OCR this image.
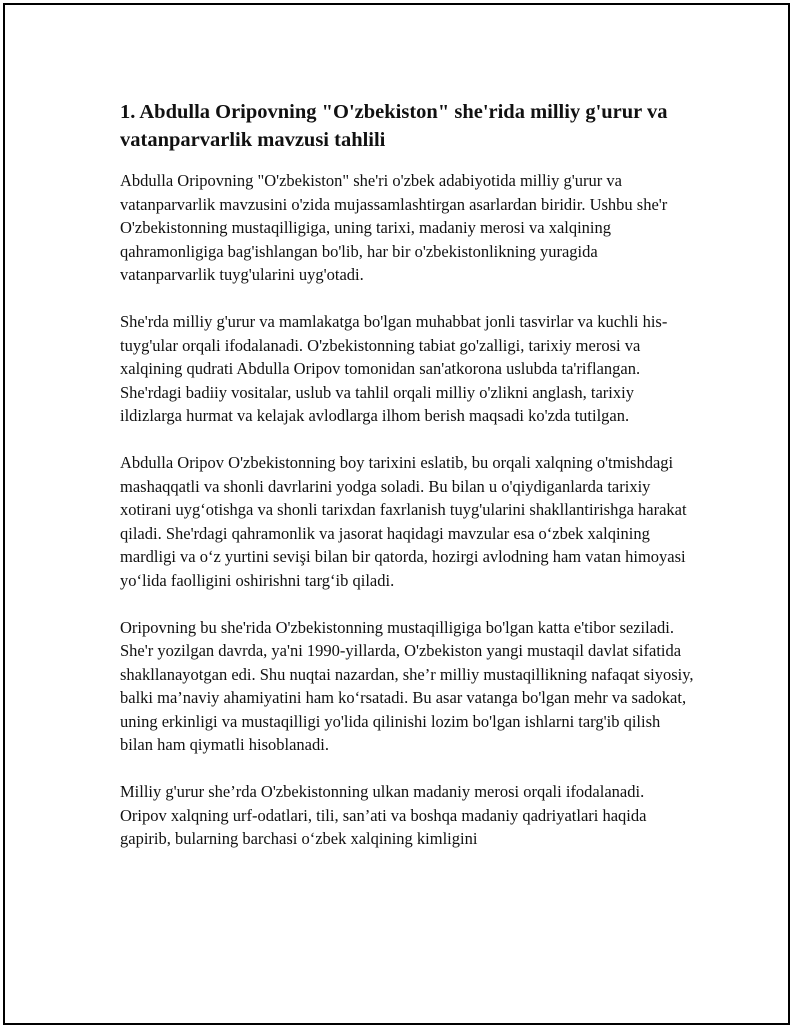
1. Abdulla Oripovning "O'zbekiston" she'rida milliy g'urur va vatanparvarlik mavzusi tahlili

Abdulla Oripovning "O'zbekiston" she'ri o'zbek adabiyotida milliy g'urur va vatanparvarlik mavzusini o'zida mujassamlashtirgan asarlardan biridir. Ushbu she'r O'zbekistonning mustaqilligiga, uning tarixi, madaniy merosi va xalqining qahramonligiga bag'ishlangan bo'lib, har bir o'zbekistonlikning yuragida vatanparvarlik tuyg'ularini uyg'otadi.

She'rda milliy g'urur va mamlakatga bo'lgan muhabbat jonli tasvirlar va kuchli his-tuyg'ular orqali ifodalanadi. O'zbekistonning tabiat go'zalligi, tarixiy merosi va xalqining qudrati Abdulla Oripov tomonidan san'atkorona uslubda ta'riflangan. She'rdagi badiiy vositalar, uslub va tahlil orqali milliy o'zlikni anglash, tarixiy ildizlarga hurmat va kelajak avlodlarga ilhom berish maqsadi ko'zda tutilgan.

Abdulla Oripov O'zbekistonning boy tarixini eslatib, bu orqali xalqning o'tmishdagi mashaqqatli va shonli davrlarini yodga soladi. Bu bilan u o'qiydiganlarda tarixiy xotirani uygʻotishga va shonli tarixdan faxrlanish tuyg'ularini shakllantirishga harakat qiladi. She'rdagi qahramonlik va jasorat haqidagi mavzular esa oʻzbek xalqining mardligi va oʻz yurtini sevişi bilan bir qatorda, hozirgi avlodning ham vatan himoyasi yoʻlida faolligini oshirishni targʻib qiladi.

Oripovning bu she'rida O'zbekistonning mustaqilligiga bo'lgan katta e'tibor seziladi. She'r yozilgan davrda, ya'ni 1990-yillarda, O'zbekiston yangi mustaqil davlat sifatida shakllanayotgan edi. Shu nuqtai nazardan, she’r milliy mustaqillikning nafaqat siyosiy, balki ma’naviy ahamiyatini ham koʻrsatadi. Bu asar vatanga bo'lgan mehr va sadokat, uning erkinligi va mustaqilligi yo'lida qilinishi lozim bo'lgan ishlarni targ'ib qilish bilan ham qiymatli hisoblanadi.

Milliy g'urur she’rda O'zbekistonning ulkan madaniy merosi orqali ifodalanadi. Oripov xalqning urf-odatlari, tili, san’ati va boshqa madaniy qadriyatlari haqida gapirib, bularning barchasi oʻzbek xalqining kimligini
